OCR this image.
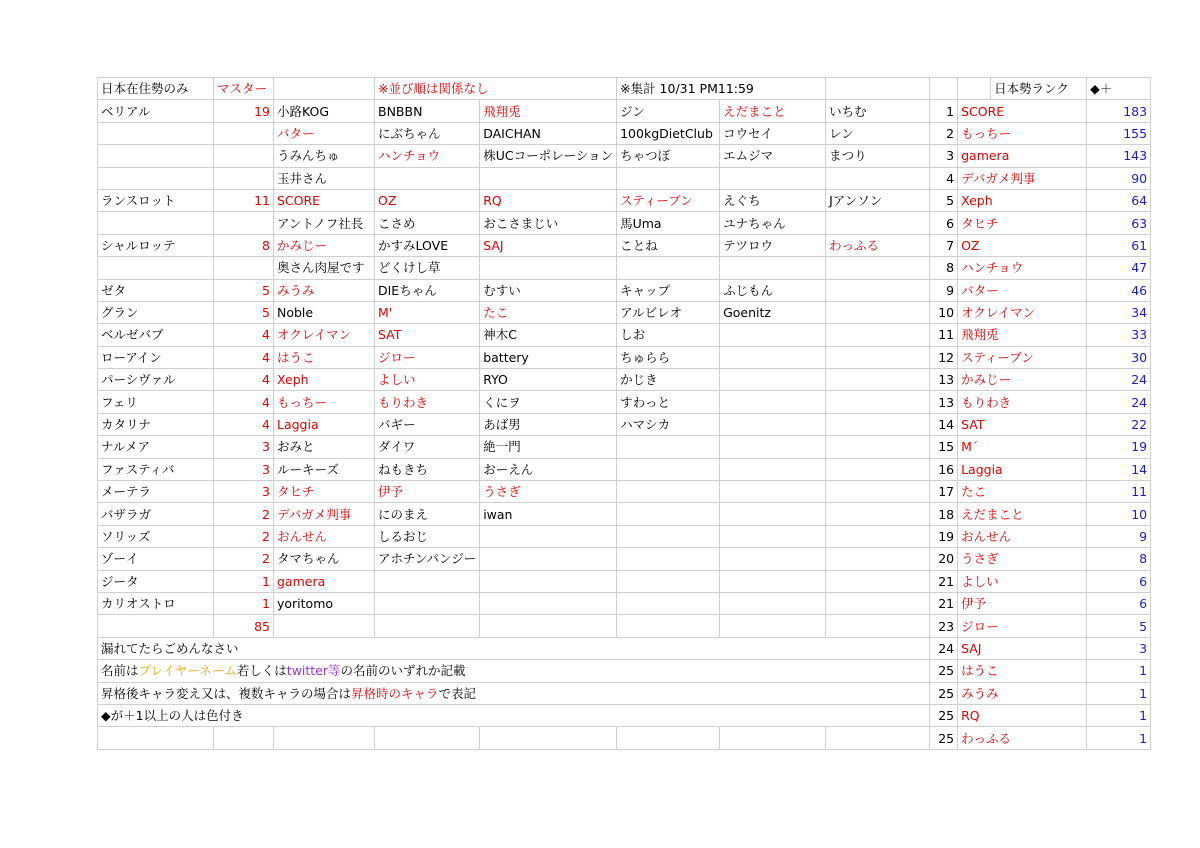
日本在住勢のみ	マスター		※並び順は関係なし		※集計 10/31 PM11:59					日本勢ランク	◆＋
ベリアル	19	小路KOG	BNBBN	飛翔兎	ジン	えだまこと	いちむ	1	SCORE		183
		バター	にぶちゃん	DAICHAN	100kgDietClub	コウセイ	レン	2	もっちー		155
		うみんちゅ	ハンチョウ	株UCコーポレーション	ちゃつぼ	エムジマ	まつり	3	gamera		143
		玉井さん						4	デバガメ判事		90
ランスロット	11	SCORE	OZ	RQ	スティーブン	えぐち	Jアンソン	5	Xeph		64
		アントノフ社長	こさめ	おこさまじい	馬Uma	ユナちゃん		6	タヒチ		63
シャルロッテ	8	かみじー	かすみLOVE	SAJ	ことね	テツロウ	わっふる	7	OZ		61
		奥さん肉屋です	どくけし草					8	ハンチョウ		47
ゼタ	5	みうみ	DIEちゃん	むすい	キャップ	ふじもん		9	バター		46
グラン	5	Noble	M'	たこ	アルビレオ	Goenitz		10	オクレイマン		34
ベルゼバブ	4	オクレイマン	SAT	神木C	しお			11	飛翔兎		33
ローアイン	4	はうこ	ジロー	battery	ちゅらら			12	スティーブン		30
パーシヴァル	4	Xeph	よしい	RYO	かじき			13	かみじー		24
フェリ	4	もっちー	もりわき	くにヲ	すわっと			13	もりわき		24
カタリナ	4	Laggia	バギー	あば男	ハマシカ			14	SAT		22
ナルメア	3	おみと	ダイワ	絶一門				15	M´		19
ファスティバ	3	ルーキーズ	ねもきち	おーえん				16	Laggia		14
メーテラ	3	タヒチ	伊予	うさぎ				17	たこ		11
バザラガ	2	デバガメ判事	にのまえ	iwan				18	えだまこと		10
ソリッズ	2	おんせん	しるおじ					19	おんせん		9
ゾーイ	2	タマちゃん	アホチンパンジー					20	うさぎ		8
ジータ	1	gamera						21	よしい		6
カリオストロ	1	yoritomo						21	伊予		6
	85							23	ジロー		5
漏れてたらごめんなさい								24	SAJ		3
名前はプレイヤーネーム若しくはtwitter等の名前のいずれか記載								25	はうこ		1
昇格後キャラ変え又は、複数キャラの場合は昇格時のキャラで表記								25	みうみ		1
◆が＋1以上の人は色付き								25	RQ		1
								25	わっふる		1
